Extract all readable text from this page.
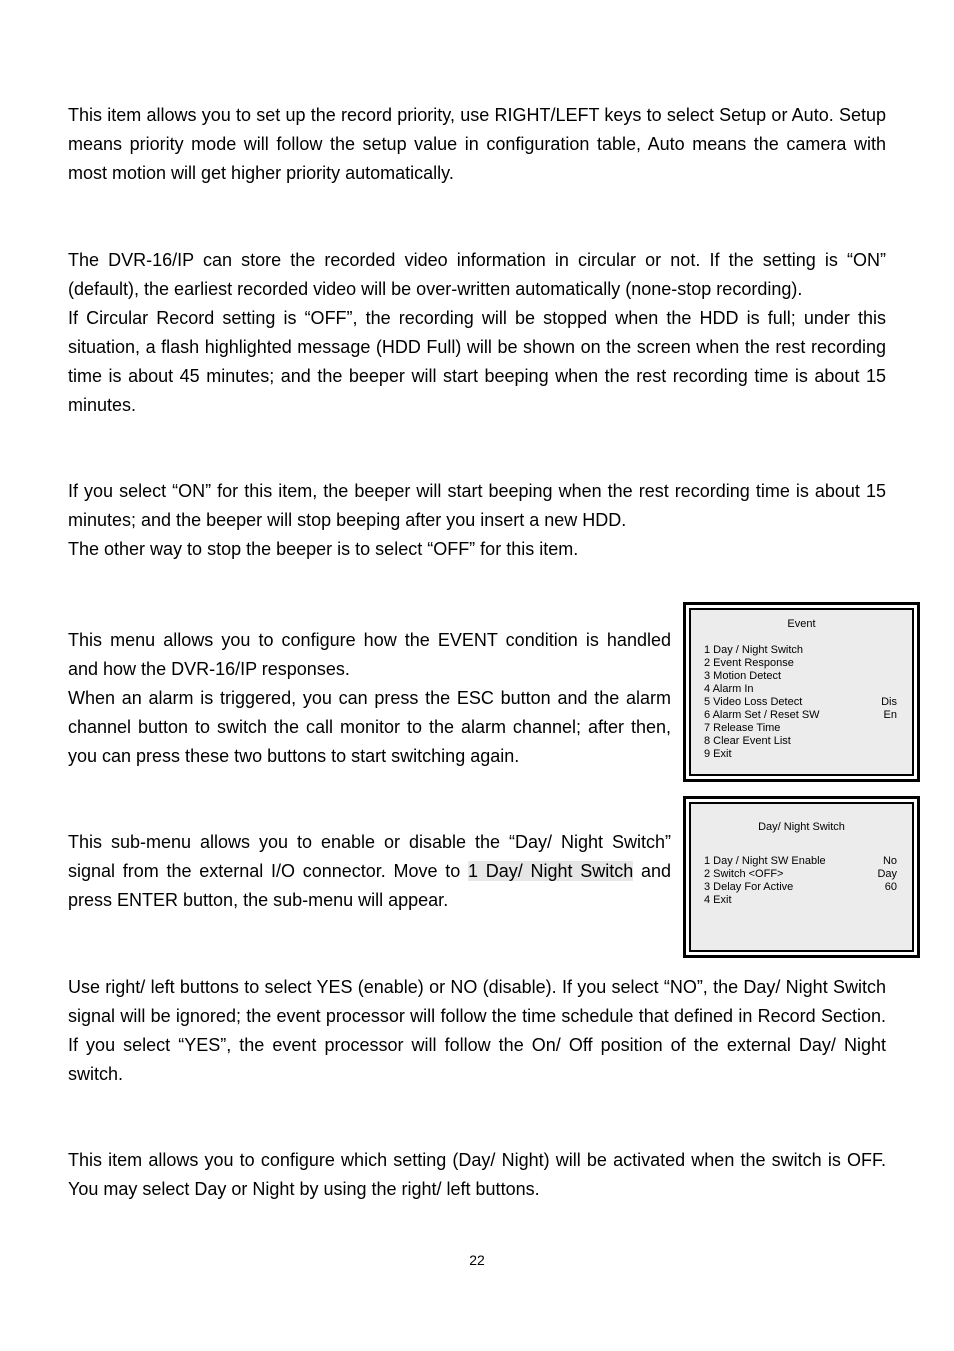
This item allows you to set up the record priority, use RIGHT/LEFT keys to select Setup or Auto. Setup means priority mode will follow the setup value in configuration table, Auto means the camera with most motion will get higher priority automatically.

The DVR-16/IP can store the recorded video information in circular or not. If the setting is “ON” (default), the earliest recorded video will be over-written automatically (none-stop recording).

If Circular Record setting is “OFF”, the recording will be stopped when the HDD is full; under this situation, a flash highlighted message (HDD Full) will be shown on the screen when the rest recording time is about 45 minutes; and the beeper will start beeping when the rest recording time is about 15 minutes.

If you select “ON” for this item, the beeper will start beeping when the rest recording time is about 15 minutes; and the beeper will stop beeping after you insert a new HDD.

The other way to stop the beeper is to select “OFF” for this item.

This menu allows you to configure how the EVENT condition is handled and how the DVR-16/IP responses.

When an alarm is triggered, you can press the ESC button and the alarm channel button to switch the call monitor to the alarm channel; after then, you can press these two buttons to start switching again.

This sub-menu allows you to enable or disable the “Day/ Night Switch” signal from the external I/O connector. Move to 1 Day/ Night Switch and press ENTER button, the sub-menu will appear.

Use right/ left buttons to select YES (enable) or NO (disable). If you select “NO”, the Day/ Night Switch signal will be ignored; the event processor will follow the time schedule that defined in Record Section. If you select “YES”, the event processor will follow the On/ Off position of the external Day/ Night switch.

This item allows you to configure which setting (Day/ Night) will be activated when the switch is OFF. You may select Day or Night by using the right/ left buttons.

Event
1 Day / Night Switch
2 Event Response
3 Motion Detect
4 Alarm In
5 Video Loss Detect	Dis
6 Alarm Set / Reset SW	En
7 Release Time
8 Clear Event List
9 Exit
Day/ Night Switch
1 Day / Night SW Enable	No
2 Switch <OFF>	Day
3 Delay For Active	60
4 Exit
22
